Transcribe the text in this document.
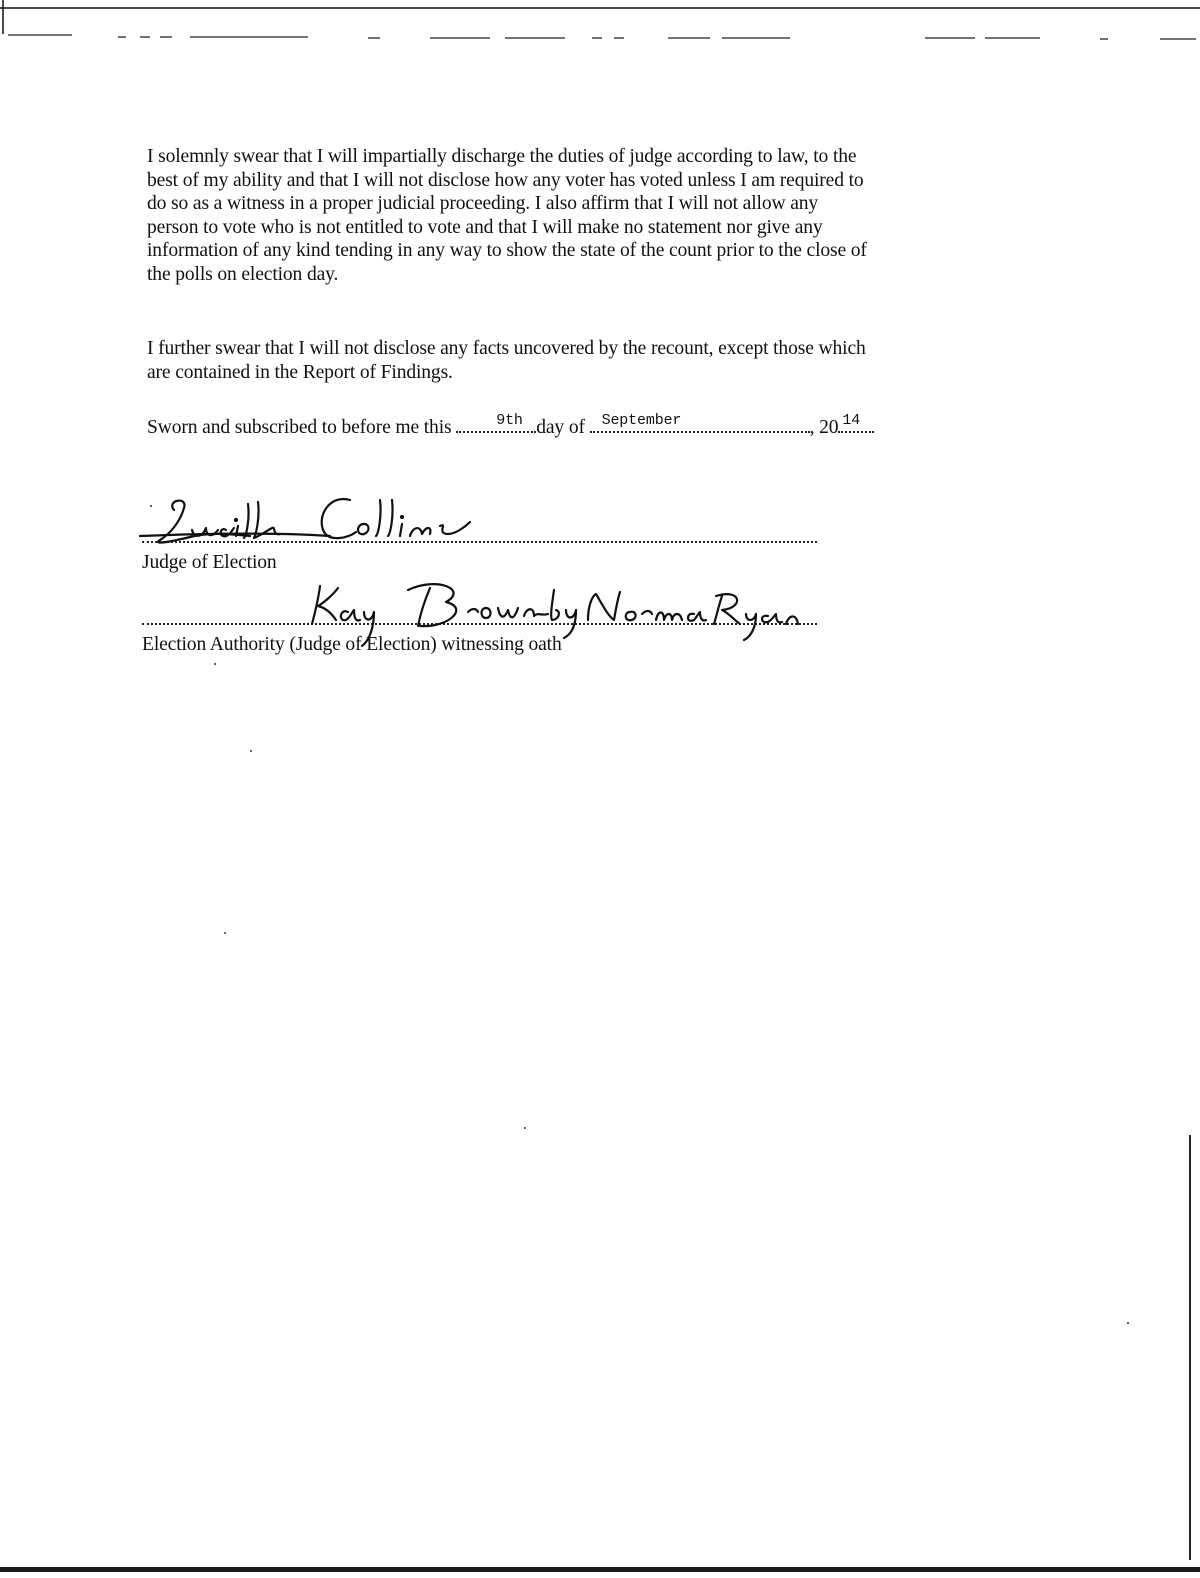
I solemnly swear that I will impartially discharge the duties of judge according to law, to the
best of my ability and that I will not disclose how any voter has voted unless I am required to
do so as a witness in a proper judicial proceeding. I also affirm that I will not allow any
person to vote who is not entitled to vote and that I will make no statement nor give any
information of any kind tending in any way to show the state of the count prior to the close of
the polls on election day.
I further swear that I will not disclose any facts uncovered by the recount, except those which
are contained in the Report of Findings.
Sworn and subscribed to before me this	9th day of September	, 20 14
Judge of Election
Election Authority (Judge of Election) witnessing oath
